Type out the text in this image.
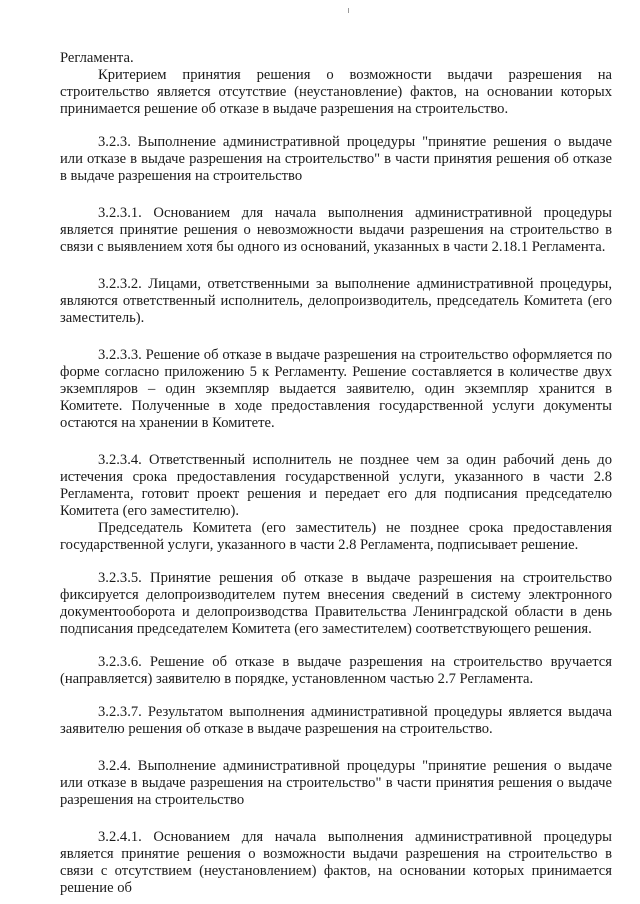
Регламента.

Критерием принятия решения о возможности выдачи разрешения на строительство является отсутствие (неустановление) фактов, на основании которых принимается решение об отказе в выдаче разрешения на строительство.

3.2.3. Выполнение административной процедуры "принятие решения о выдаче или отказе в выдаче разрешения на строительство" в части принятия решения об отказе в выдаче разрешения на строительство

3.2.3.1. Основанием для начала выполнения административной процедуры является принятие решения о невозможности выдачи разрешения на строительство в связи с выявлением хотя бы одного из оснований, указанных в части 2.18.1 Регламента.

3.2.3.2. Лицами, ответственными за выполнение административной процедуры, являются ответственный исполнитель, делопроизводитель, председатель Комитета (его заместитель).

3.2.3.3. Решение об отказе в выдаче разрешения на строительство оформляется по форме согласно приложению 5 к Регламенту. Решение составляется в количестве двух экземпляров – один экземпляр выдается заявителю, один экземпляр хранится в Комитете. Полученные в ходе предоставления государственной услуги документы остаются на хранении в Комитете.

3.2.3.4. Ответственный исполнитель не позднее чем за один рабочий день до истечения срока предоставления государственной услуги, указанного в части 2.8 Регламента, готовит проект решения и передает его для подписания председателю Комитета (его заместителю).

Председатель Комитета (его заместитель) не позднее срока предоставления государственной услуги, указанного в части 2.8 Регламента, подписывает решение.

3.2.3.5. Принятие решения об отказе в выдаче разрешения на строительство фиксируется делопроизводителем путем внесения сведений в систему электронного документооборота и делопроизводства Правительства Ленинградской области в день подписания председателем Комитета (его заместителем) соответствующего решения.

3.2.3.6. Решение об отказе в выдаче разрешения на строительство вручается (направляется) заявителю в порядке, установленном частью 2.7 Регламента.

3.2.3.7. Результатом выполнения административной процедуры является выдача заявителю решения об отказе в выдаче разрешения на строительство.

3.2.4. Выполнение административной процедуры "принятие решения о выдаче или отказе в выдаче разрешения на строительство" в части принятия решения о выдаче разрешения на строительство

3.2.4.1. Основанием для начала выполнения административной процедуры является принятие решения о возможности выдачи разрешения на строительство в связи с отсутствием (неустановлением) фактов, на основании которых принимается решение об
